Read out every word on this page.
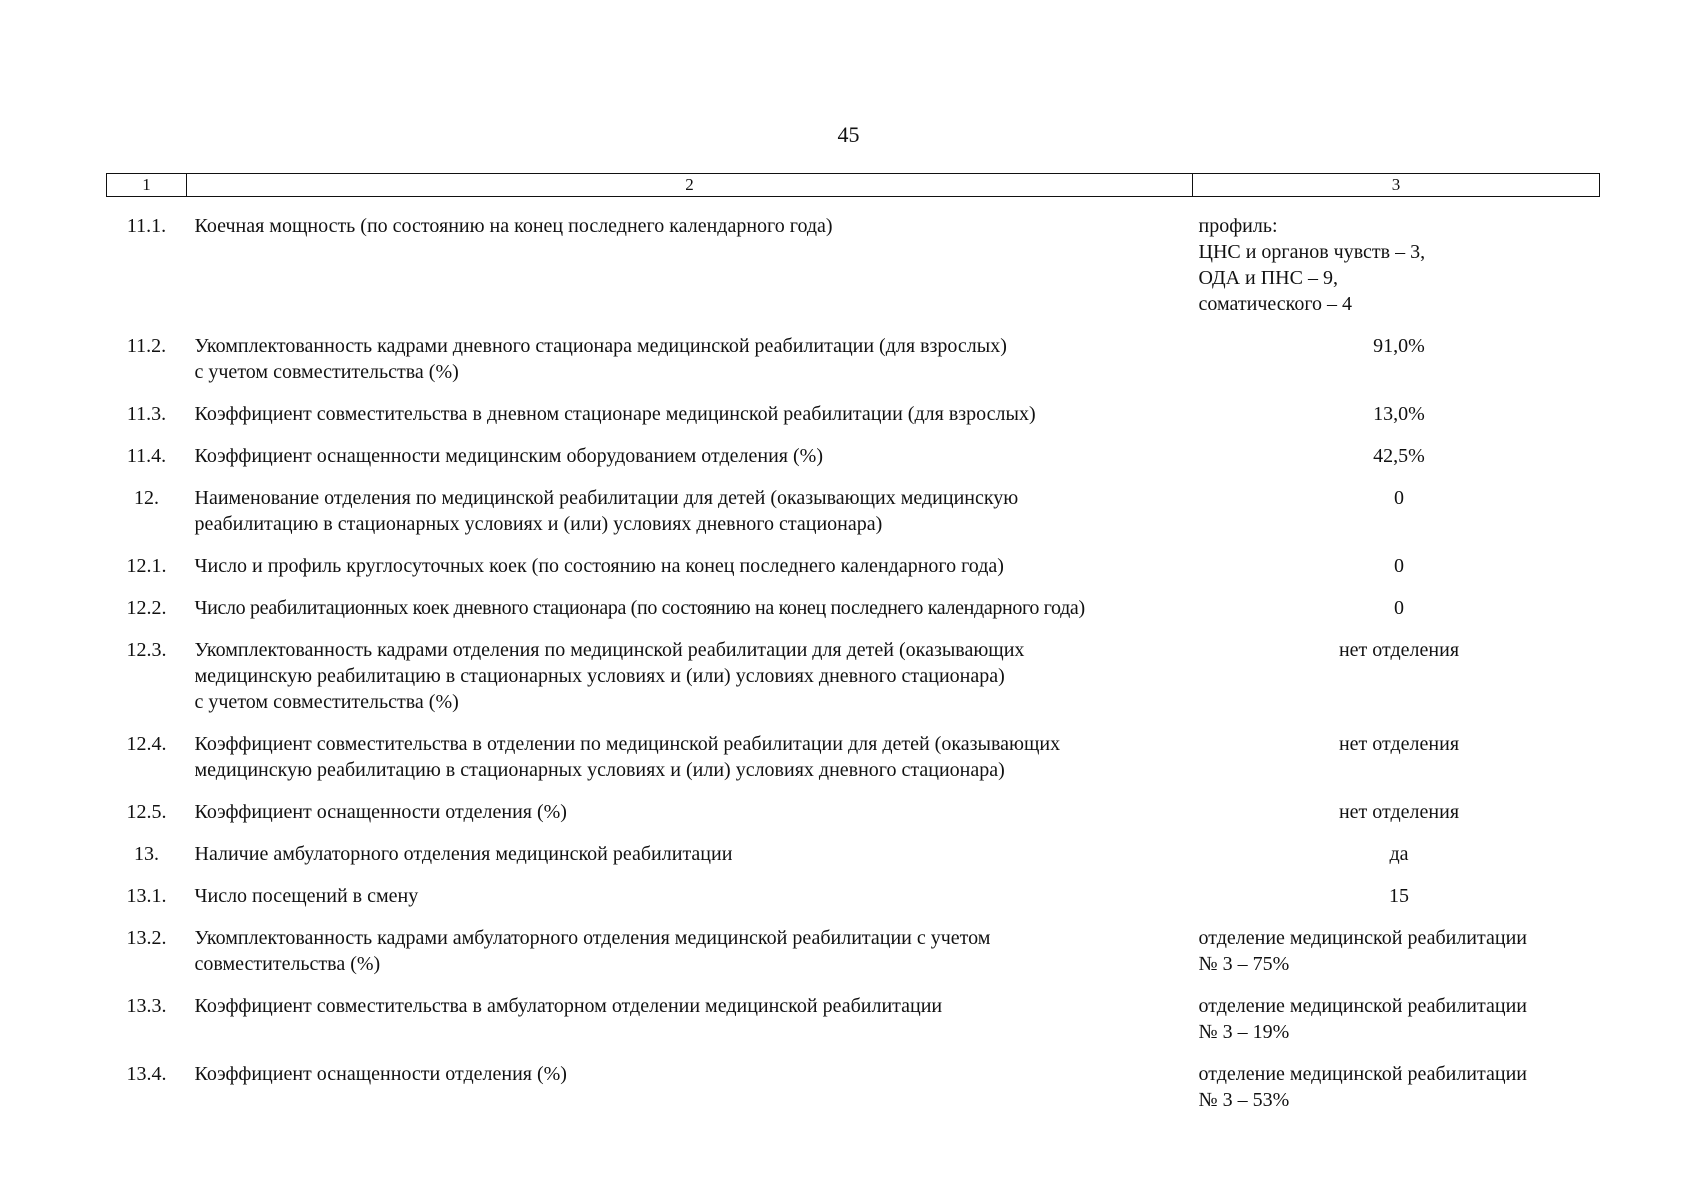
45
1	2	3

11.1.	Коечная мощность (по состоянию на конец последнего календарного года)	профиль:
ЦНС и органов чувств – 3,
ОДА и ПНС – 9,
соматического – 4

11.2.	Укомплектованность кадрами дневного стационара медицинской реабилитации (для взрослых)
с учетом совместительства (%)	91,0%

11.3.	Коэффициент совместительства в дневном стационаре медицинской реабилитации (для взрослых)	13,0%

11.4.	Коэффициент оснащенности медицинским оборудованием отделения (%)	42,5%

12.	Наименование отделения по медицинской реабилитации для детей (оказывающих медицинскую
реабилитацию в стационарных условиях и (или) условиях дневного стационара)	0

12.1.	Число и профиль круглосуточных коек (по состоянию на конец последнего календарного года)	0

12.2.	Число реабилитационных коек дневного стационара (по состоянию на конец последнего календарного года)	0

12.3.	Укомплектованность кадрами отделения по медицинской реабилитации для детей (оказывающих
медицинскую реабилитацию в стационарных условиях и (или) условиях дневного стационара)
с учетом совместительства (%)	нет отделения

12.4.	Коэффициент совместительства в отделении по медицинской реабилитации для детей (оказывающих
медицинскую реабилитацию в стационарных условиях и (или) условиях дневного стационара)	нет отделения

12.5.	Коэффициент оснащенности отделения (%)	нет отделения

13.	Наличие амбулаторного отделения медицинской реабилитации	да

13.1.	Число посещений в смену	15

13.2.	Укомплектованность кадрами амбулаторного отделения медицинской реабилитации с учетом
совместительства (%)	отделение медицинской реабилитации
№ 3 – 75%

13.3.	Коэффициент совместительства в амбулаторном отделении медицинской реабилитации	отделение медицинской реабилитации
№ 3 – 19%

13.4.	Коэффициент оснащенности отделения (%)	отделение медицинской реабилитации
№ 3 – 53%
